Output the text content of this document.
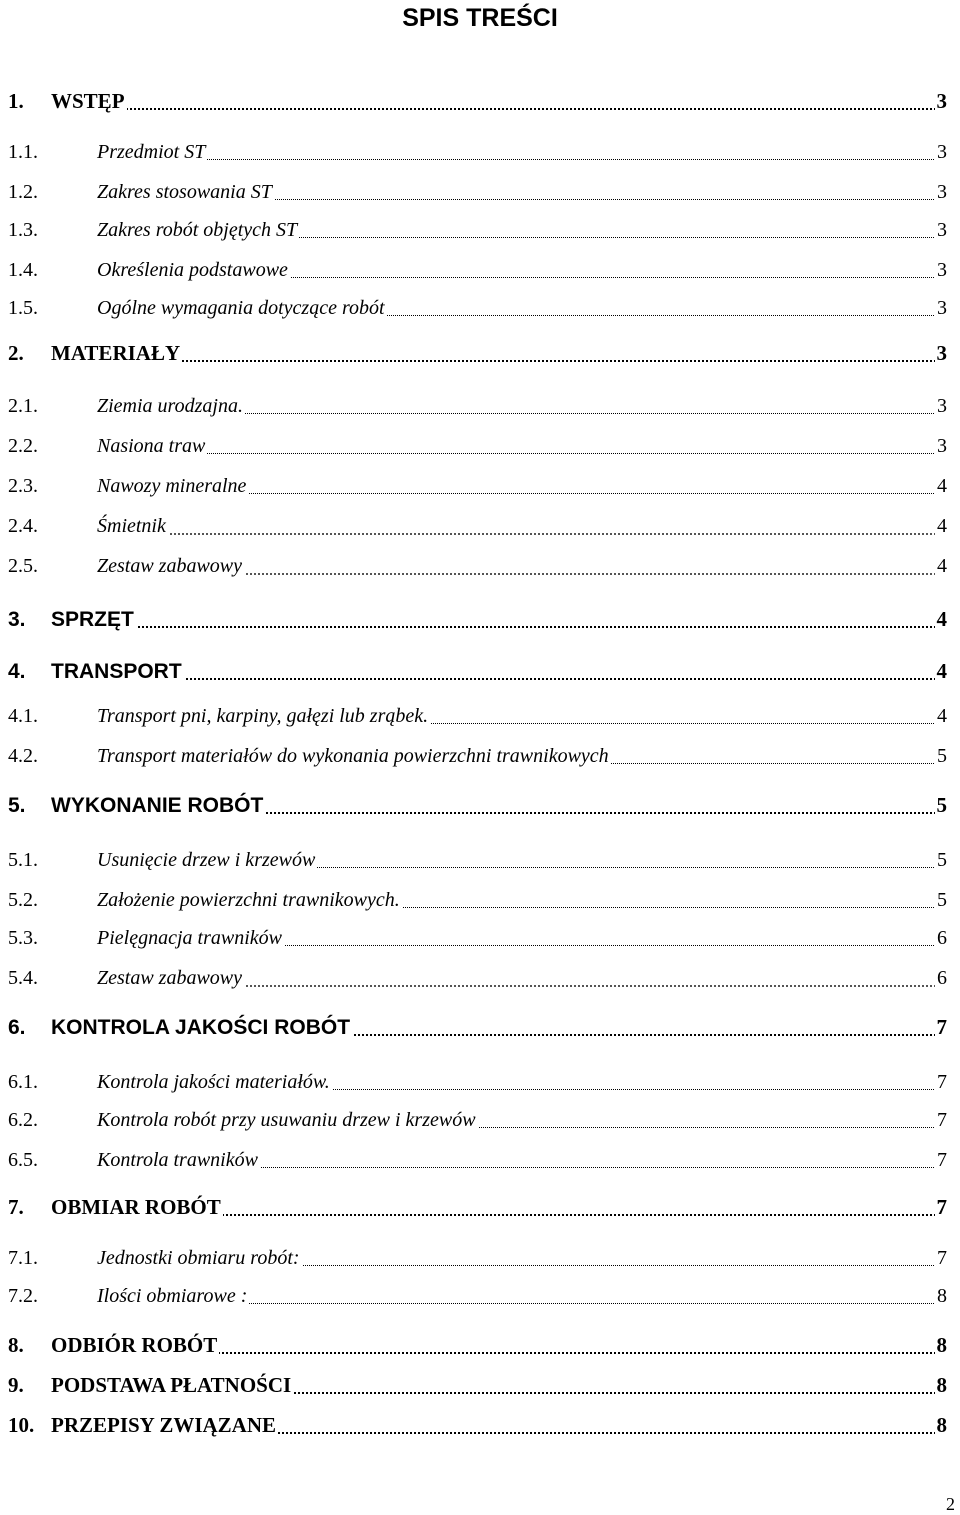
SPIS TREŚCI
1. WSTĘP	3
1.1.	Przedmiot ST	3
1.2.	Zakres stosowania ST	3
1.3.	Zakres robót objętych ST	3
1.4.	Określenia podstawowe	3
1.5.	Ogólne wymagania dotyczące robót	3
2. MATERIAŁY	3
2.1.	Ziemia urodzajna.	3
2.2.	Nasiona traw	3
2.3.	Nawozy mineralne	4
2.4.	Śmietnik	4
2.5.	Zestaw zabawowy	4
3. SPRZĘT	4
4. TRANSPORT	4
4.1.	Transport pni, karpiny, gałęzi lub zrąbek.	4
4.2.	Transport materiałów do wykonania powierzchni trawnikowych	5
5. WYKONANIE ROBÓT	5
5.1.	Usunięcie drzew i krzewów	5
5.2.	Założenie powierzchni trawnikowych.	5
5.3.	Pielęgnacja trawników	6
5.4.	Zestaw zabawowy	6
6. KONTROLA JAKOŚCI ROBÓT	7
6.1.	Kontrola jakości materiałów.	7
6.2.	Kontrola robót przy usuwaniu drzew i krzewów	7
6.5.	Kontrola trawników	7
7. OBMIAR ROBÓT	7
7.1.	Jednostki obmiaru robót:	7
7.2.	Ilości obmiarowe :	8
8. ODBIÓR ROBÓT	8
9. PODSTAWA PŁATNOŚCI	8
10. PRZEPISY ZWIĄZANE	8
2
